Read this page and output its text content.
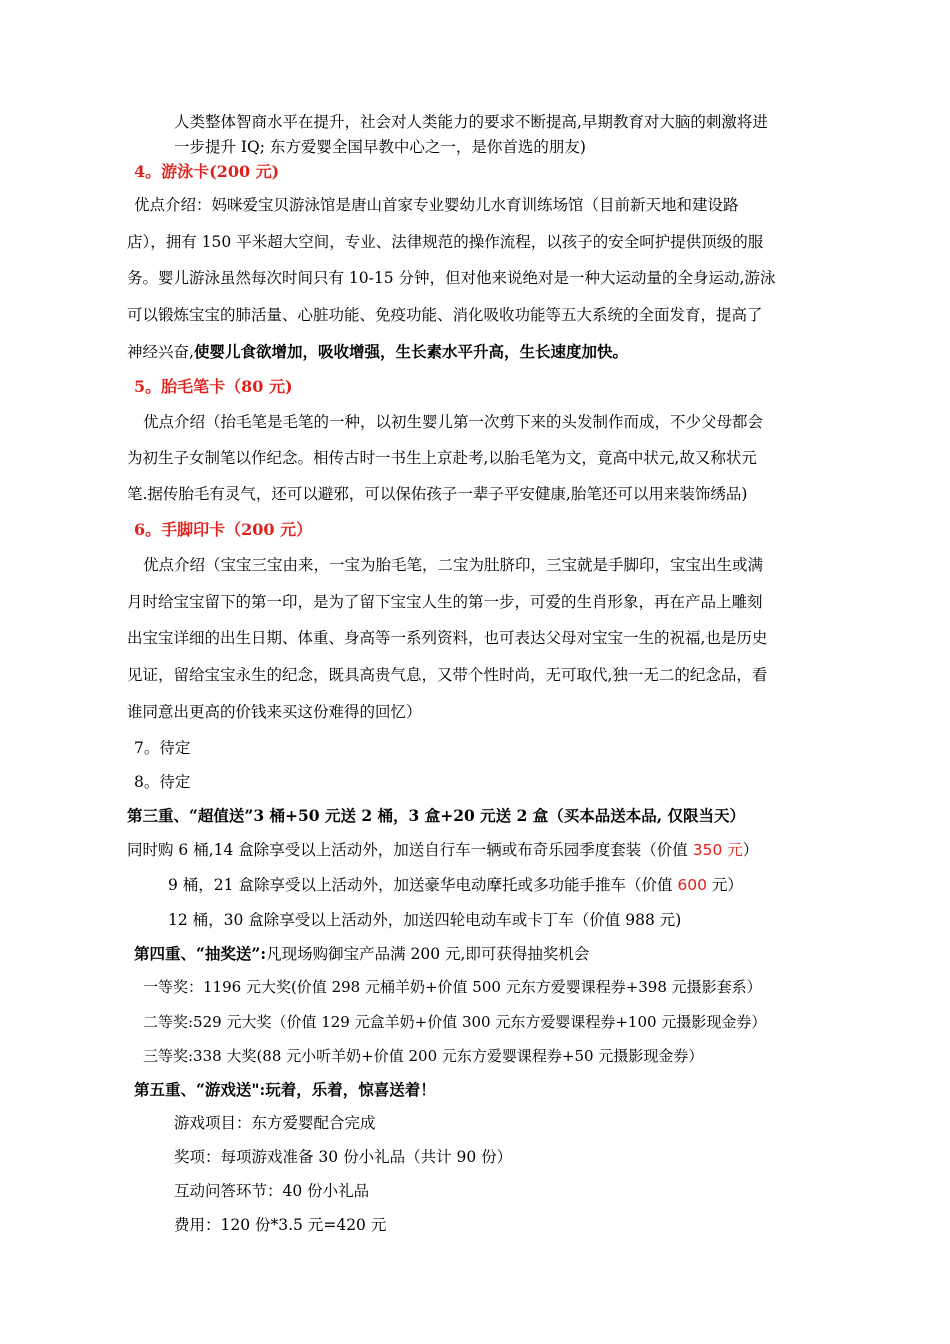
人类整体智商水平在提升，社会对人类能力的要求不断提高,早期教育对大脑的刺激将进
一步提升 IQ; 东方爱婴全国早教中心之一，是你首选的朋友)
4。游泳卡(200 元)
优点介绍：妈咪爱宝贝游泳馆是唐山首家专业婴幼儿水育训练场馆（目前新天地和建设路
店），拥有 150 平米超大空间，专业、法律规范的操作流程，以孩子的安全呵护提供顶级的服
务。婴儿游泳虽然每次时间只有 10-15 分钟，但对他来说绝对是一种大运动量的全身运动,游泳
可以锻炼宝宝的肺活量、心脏功能、免疫功能、消化吸收功能等五大系统的全面发育，提高了
神经兴奋,使婴儿食欲增加，吸收增强，生长素水平升高，生长速度加快。
5。胎毛笔卡（80 元)
优点介绍（抬毛笔是毛笔的一种，以初生婴儿第一次剪下来的头发制作而成，不少父母都会
为初生子女制笔以作纪念。相传古时一书生上京赴考,以胎毛笔为文，竟高中状元,故又称状元
笔.据传胎毛有灵气，还可以避邪，可以保佑孩子一辈子平安健康,胎笔还可以用来装饰绣品)
6。手脚印卡（200 元）
优点介绍（宝宝三宝由来，一宝为胎毛笔，二宝为肚脐印，三宝就是手脚印，宝宝出生或满
月时给宝宝留下的第一印，是为了留下宝宝人生的第一步，可爱的生肖形象，再在产品上雕刻
出宝宝详细的出生日期、体重、身高等一系列资料，也可表达父母对宝宝一生的祝福,也是历史
见证，留给宝宝永生的纪念，既具高贵气息，又带个性时尚，无可取代,独一无二的纪念品，看
谁同意出更高的价钱来买这份难得的回忆）
7。待定
8。待定
第三重、“超值送”3 桶+50 元送 2 桶，3 盒+20 元送 2 盒（买本品送本品, 仅限当天）
同时购 6 桶,14 盒除享受以上活动外，加送自行车一辆或布奇乐园季度套装（价值 350 元）
9 桶，21 盒除享受以上活动外，加送豪华电动摩托或多功能手推车（价值 600 元）
12 桶，30 盒除享受以上活动外，加送四轮电动车或卡丁车（价值 988 元)
第四重、“抽奖送”:凡现场购御宝产品满 200 元,即可获得抽奖机会
一等奖：1196 元大奖(价值 298 元桶羊奶+价值 500 元东方爱婴课程券+398 元摄影套系）
二等奖:529 元大奖（价值 129 元盒羊奶+价值 300 元东方爱婴课程券+100 元摄影现金券）
三等奖:338 大奖(88 元小听羊奶+价值 200 元东方爱婴课程券+50 元摄影现金券）
第五重、“游戏送":玩着，乐着，惊喜送着！
游戏项目：东方爱婴配合完成
奖项：每项游戏准备 30 份小礼品（共计 90 份）
互动问答环节：40 份小礼品
费用：120 份*3.5 元=420 元
